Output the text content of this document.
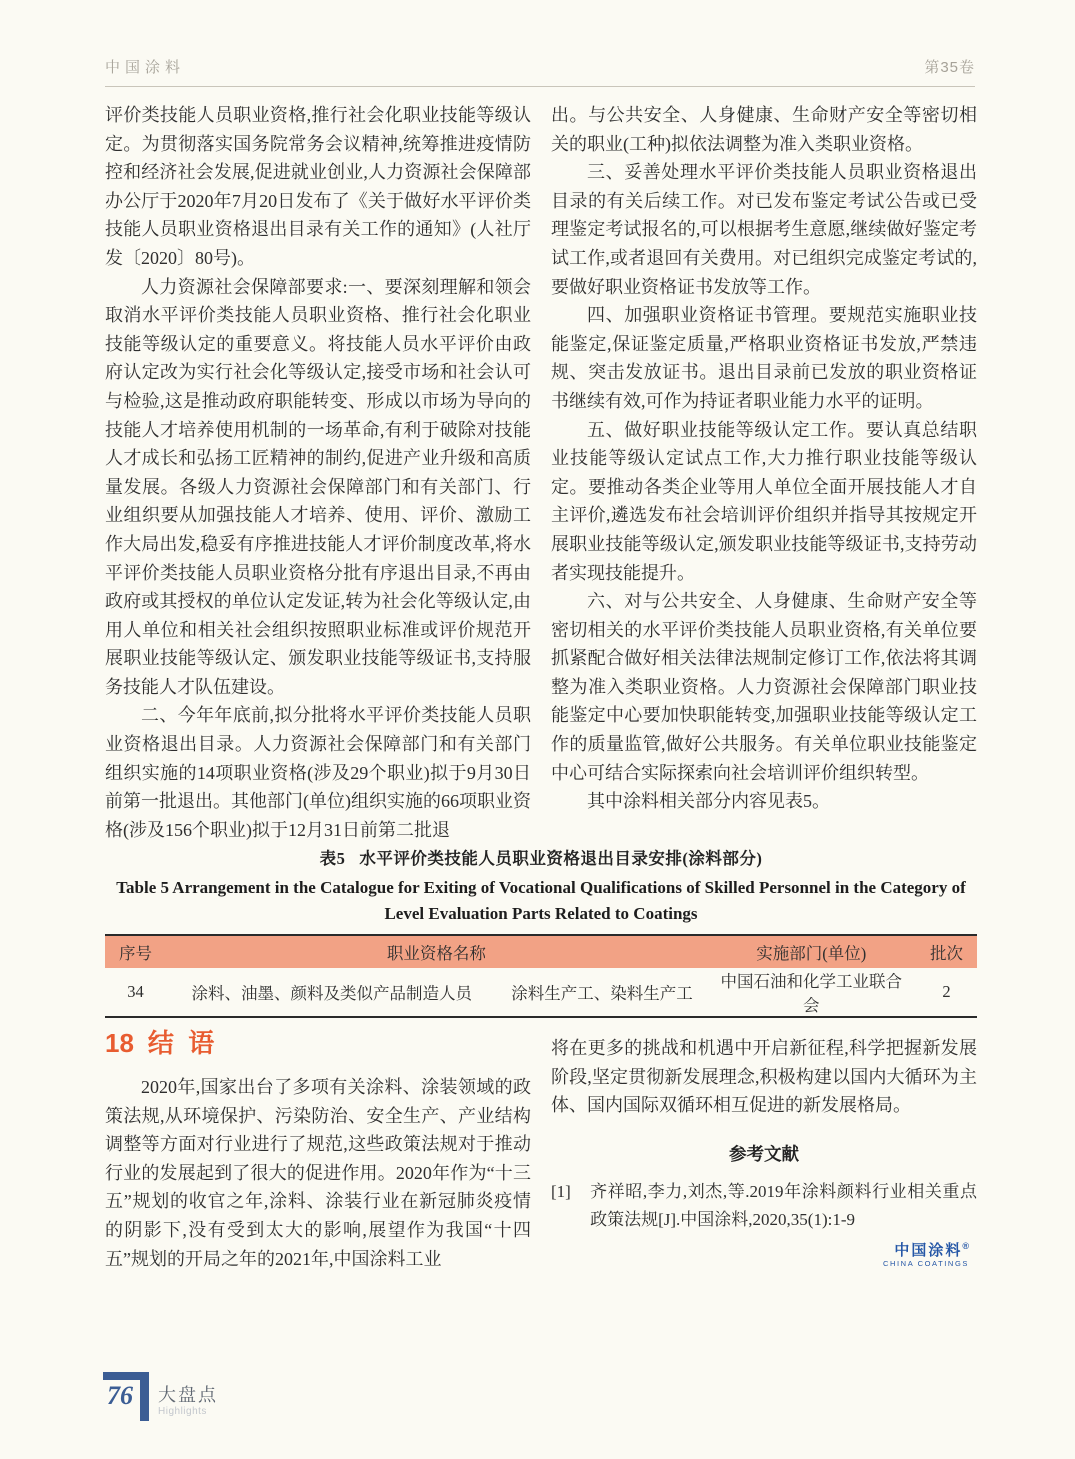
中国涂料	第35卷

评价类技能人员职业资格,推行社会化职业技能等级认定。为贯彻落实国务院常务会议精神,统筹推进疫情防控和经济社会发展,促进就业创业,人力资源社会保障部办公厅于2020年7月20日发布了《关于做好水平评价类技能人员职业资格退出目录有关工作的通知》(人社厅发〔2020〕80号)。

人力资源社会保障部要求:一、要深刻理解和领会取消水平评价类技能人员职业资格、推行社会化职业技能等级认定的重要意义。将技能人员水平评价由政府认定改为实行社会化等级认定,接受市场和社会认可与检验,这是推动政府职能转变、形成以市场为导向的技能人才培养使用机制的一场革命,有利于破除对技能人才成长和弘扬工匠精神的制约,促进产业升级和高质量发展。各级人力资源社会保障部门和有关部门、行业组织要从加强技能人才培养、使用、评价、激励工作大局出发,稳妥有序推进技能人才评价制度改革,将水平评价类技能人员职业资格分批有序退出目录,不再由政府或其授权的单位认定发证,转为社会化等级认定,由用人单位和相关社会组织按照职业标准或评价规范开展职业技能等级认定、颁发职业技能等级证书,支持服务技能人才队伍建设。

二、今年年底前,拟分批将水平评价类技能人员职业资格退出目录。人力资源社会保障部门和有关部门组织实施的14项职业资格(涉及29个职业)拟于9月30日前第一批退出。其他部门(单位)组织实施的66项职业资格(涉及156个职业)拟于12月31日前第二批退

出。与公共安全、人身健康、生命财产安全等密切相关的职业(工种)拟依法调整为准入类职业资格。

三、妥善处理水平评价类技能人员职业资格退出目录的有关后续工作。对已发布鉴定考试公告或已受理鉴定考试报名的,可以根据考生意愿,继续做好鉴定考试工作,或者退回有关费用。对已组织完成鉴定考试的,要做好职业资格证书发放等工作。

四、加强职业资格证书管理。要规范实施职业技能鉴定,保证鉴定质量,严格职业资格证书发放,严禁违规、突击发放证书。退出目录前已发放的职业资格证书继续有效,可作为持证者职业能力水平的证明。

五、做好职业技能等级认定工作。要认真总结职业技能等级认定试点工作,大力推行职业技能等级认定。要推动各类企业等用人单位全面开展技能人才自主评价,遴选发布社会培训评价组织并指导其按规定开展职业技能等级认定,颁发职业技能等级证书,支持劳动者实现技能提升。

六、对与公共安全、人身健康、生命财产安全等密切相关的水平评价类技能人员职业资格,有关单位要抓紧配合做好相关法律法规制定修订工作,依法将其调整为准入类职业资格。人力资源社会保障部门职业技能鉴定中心要加快职能转变,加强职业技能等级认定工作的质量监管,做好公共服务。有关单位职业技能鉴定中心可结合实际探索向社会培训评价组织转型。

其中涂料相关部分内容见表5。

表5 水平评价类技能人员职业资格退出目录安排(涂料部分)
Table 5 Arrangement in the Catalogue for Exiting of Vocational Qualifications of Skilled Personnel in the Category of
Level Evaluation Parts Related to Coatings
序号	职业资格名称		实施部门(单位)	批次
34	涂料、油墨、颜料及类似产品制造人员	涂料生产工、染料生产工	中国石油和化学工业联合会	2
18 结语

2020年,国家出台了多项有关涂料、涂装领域的政策法规,从环境保护、污染防治、安全生产、产业结构调整等方面对行业进行了规范,这些政策法规对于推动行业的发展起到了很大的促进作用。2020年作为“十三五”规划的收官之年,涂料、涂装行业在新冠肺炎疫情的阴影下,没有受到太大的影响,展望作为我国“十四五”规划的开局之年的2021年,中国涂料工业

将在更多的挑战和机遇中开启新征程,科学把握新发展阶段,坚定贯彻新发展理念,积极构建以国内大循环为主体、国内国际双循环相互促进的新发展格局。

参考文献
[1]	齐祥昭,李力,刘杰,等.2019年涂料颜料行业相关重点政策法规[J].中国涂料,2020,35(1):1-9
中国涂料®
CHINA COATINGS
76	大盘点
Highlights
